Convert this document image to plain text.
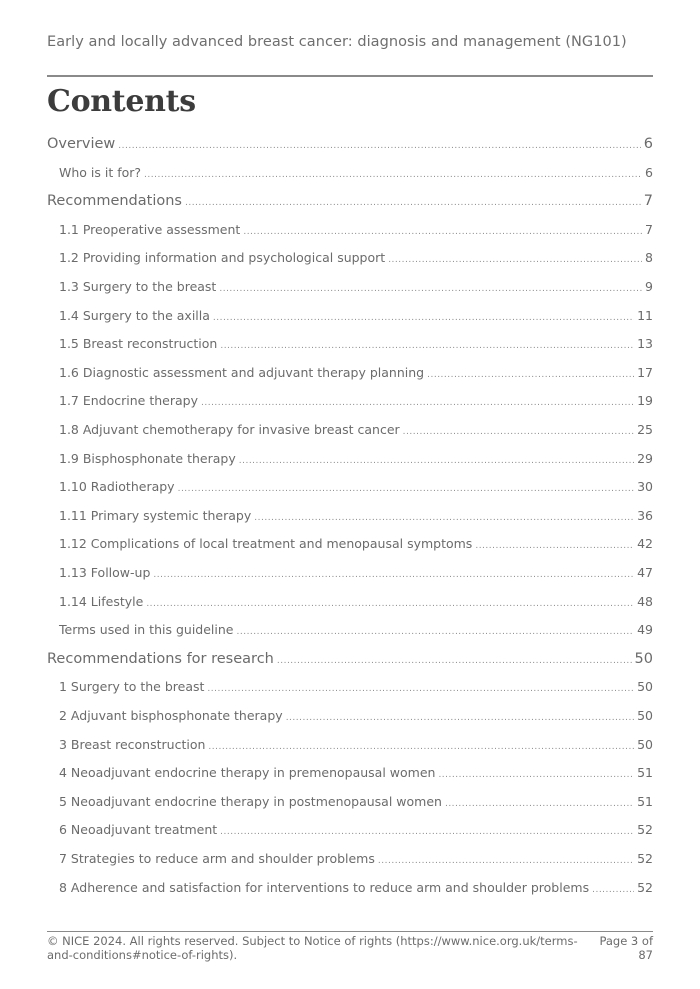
Early and locally advanced breast cancer: diagnosis and management (NG101)
Contents
Overview .....	6
Who is it for? .....	6
Recommendations .....	7
1.1 Preoperative assessment .....	7
1.2 Providing information and psychological support .....	8
1.3 Surgery to the breast .....	9
1.4 Surgery to the axilla .....	11
1.5 Breast reconstruction .....	13
1.6 Diagnostic assessment and adjuvant therapy planning .....	17
1.7 Endocrine therapy .....	19
1.8 Adjuvant chemotherapy for invasive breast cancer .....	25
1.9 Bisphosphonate therapy .....	29
1.10 Radiotherapy .....	30
1.11 Primary systemic therapy .....	36
1.12 Complications of local treatment and menopausal symptoms .....	42
1.13 Follow-up .....	47
1.14 Lifestyle .....	48
Terms used in this guideline .....	49
Recommendations for research .....	50
1 Surgery to the breast .....	50
2 Adjuvant bisphosphonate therapy .....	50
3 Breast reconstruction .....	50
4 Neoadjuvant endocrine therapy in premenopausal women .....	51
5 Neoadjuvant endocrine therapy in postmenopausal women .....	51
6 Neoadjuvant treatment .....	52
7 Strategies to reduce arm and shoulder problems .....	52
8 Adherence and satisfaction for interventions to reduce arm and shoulder problems .....	52
© NICE 2024. All rights reserved. Subject to Notice of rights (https://www.nice.org.uk/terms-and-conditions#notice-of-rights).
Page 3 of 87
